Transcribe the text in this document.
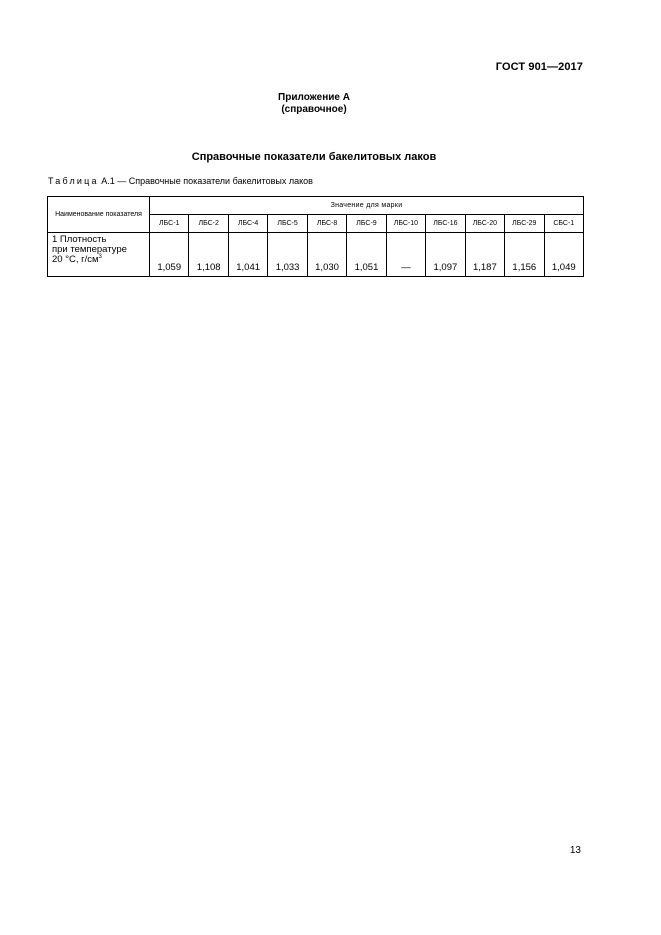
ГОСТ 901—2017
Приложение А
(справочное)
Справочные показатели бакелитовых лаков
Таблица А.1 — Справочные показатели бакелитовых лаков
Наименование показателя	Значение для марки										
	ЛБС-1	ЛБС-2	ЛБС-4	ЛБС-5	ЛБС-8	ЛБС-9	ЛБС-10	ЛБС-16	ЛБС-20	ЛБС-29	СБС-1

1 Плотность
при температуре
20 °С, $г/см^3$	1,059	1,108	1,041	1,033	1,030	1,051	—	1,097	1,187	1,156	1,049
13
